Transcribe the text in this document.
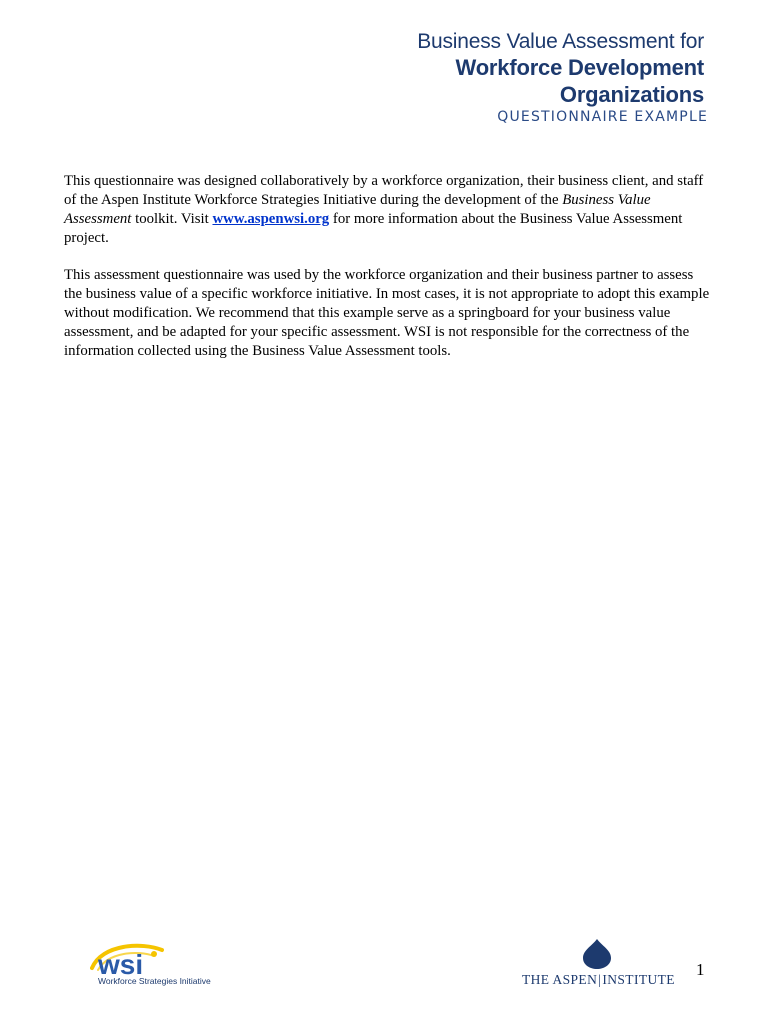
Business Value Assessment for
Workforce Development
Organizations
QUESTIONNAIRE EXAMPLE

This questionnaire was designed collaboratively by a workforce organization, their business client, and staff of the Aspen Institute Workforce Strategies Initiative during the development of the Business Value Assessment toolkit. Visit www.aspenwsi.org for more information about the Business Value Assessment project.

This assessment questionnaire was used by the workforce organization and their business partner to assess the business value of a specific workforce initiative. In most cases, it is not appropriate to adopt this example without modification. We recommend that this example serve as a springboard for your business value assessment, and be adapted for your specific assessment. WSI is not responsible for the correctness of the information collected using the Business Value Assessment tools.

wsi
Workforce Strategies Initiative	THE ASPEN|INSTITUTE
1
